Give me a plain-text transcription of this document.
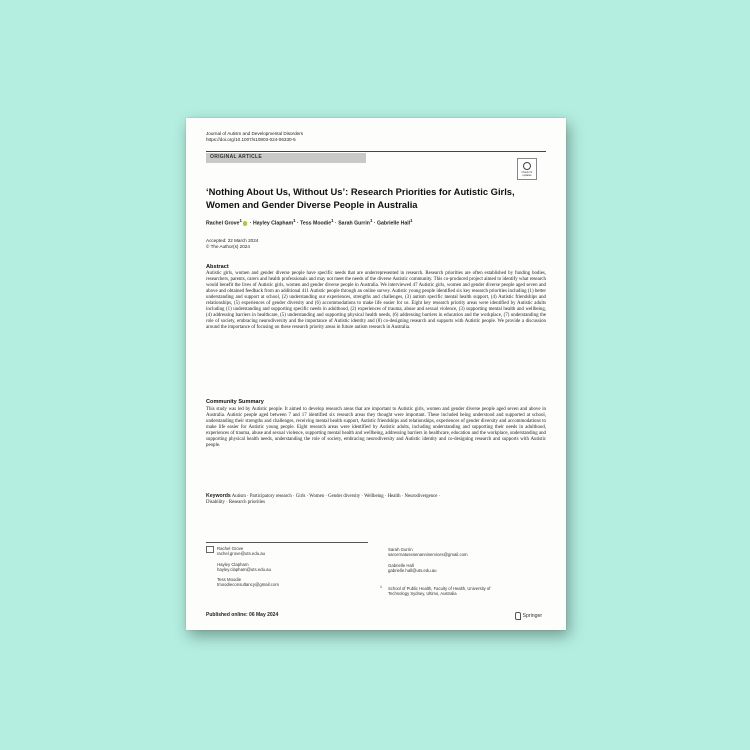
Journal of Autism and Developmental Disorders
https://doi.org/10.1007/s10803-024-06330-5
ORIGINAL ARTICLE
Check for updates
‘Nothing About Us, Without Us’: Research Priorities for Autistic Girls,
Women and Gender Diverse People in Australia
Rachel Grove$^1$ · Hayley Clapham$^1$ · Tess Moodie$^1$ · Sarah Gurrin$^1$ · Gabrielle Hall$^1$
Accepted: 22 March 2024
© The Author(s) 2024
Abstract
Autistic girls, women and gender diverse people have specific needs that are underrepresented in research. Research priorities are often established by funding bodies, researchers, parents, carers and health professionals and may not meet the needs of the diverse Autistic community. This co-produced project aimed to identify what research would benefit the lives of Autistic girls, women and gender diverse people in Australia. We interviewed 47 Autistic girls, women and gender diverse people aged seven and above and obtained feedback from an additional 411 Autistic people through an online survey. Autistic young people identified six key research priorities including (1) better understanding and support at school, (2) understanding our experiences, strengths and challenges, (3) autism specific mental health support, (4) Autistic friendships and relationships, (5) experiences of gender diversity and (6) accommodations to make life easier for us. Eight key research priority areas were identified by Autistic adults including (1) understanding and supporting specific needs in adulthood, (2) experiences of trauma, abuse and sexual violence, (3) supporting mental health and wellbeing, (4) addressing barriers in healthcare, (5) understanding and supporting physical health needs, (6) addressing barriers in education and the workplace, (7) understanding the role of society, embracing neurodiversity and the importance of Autistic identity and (8) co-designing research and supports with Autistic people. We provide a discussion around the importance of focusing on these research priority areas in future autism research in Australia.
Community Summary
This study was led by Autistic people. It aimed to develop research areas that are important to Autistic girls, women and gender diverse people aged seven and above in Australia. Autistic people aged between 7 and 17 identified six research areas they thought were important. These included being understood and supported at school, understanding their strengths and challenges, receiving mental health support, Autistic friendships and relationships, experiences of gender diversity and accommodations to make life easier for Autistic young people. Eight research areas were identified by Autistic adults, including understanding and supporting their needs in adulthood, experiences of trauma, abuse and sexual violence, supporting mental health and wellbeing, addressing barriers in healthcare, education and the workplace, understanding and supporting physical health needs, understanding the role of society, embracing neurodiversity and Autistic identity and co-designing research and supports with Autistic people.
Keywords Autism · Participatory research · Girls · Women · Gender diversity · Wellbeing · Health · Neurodivergence ·
Disability · Research priorities
Rachel Grove
rachel.grove@uts.edu.au
Hayley Clapham
hayley.clapham@uts.edu.au
Tess Moodie
tmoodieconsultancy@gmail.com
Sarah Gurrin
sarcernatusesenanniservices@gmail.com
Gabrielle Hall
gabrielle.hall@uts.edu.au
1 School of Public Health, Faculty of Health, University of
Technology Sydney, Ultimo, Australia
Published online: 06 May 2024	Springer
